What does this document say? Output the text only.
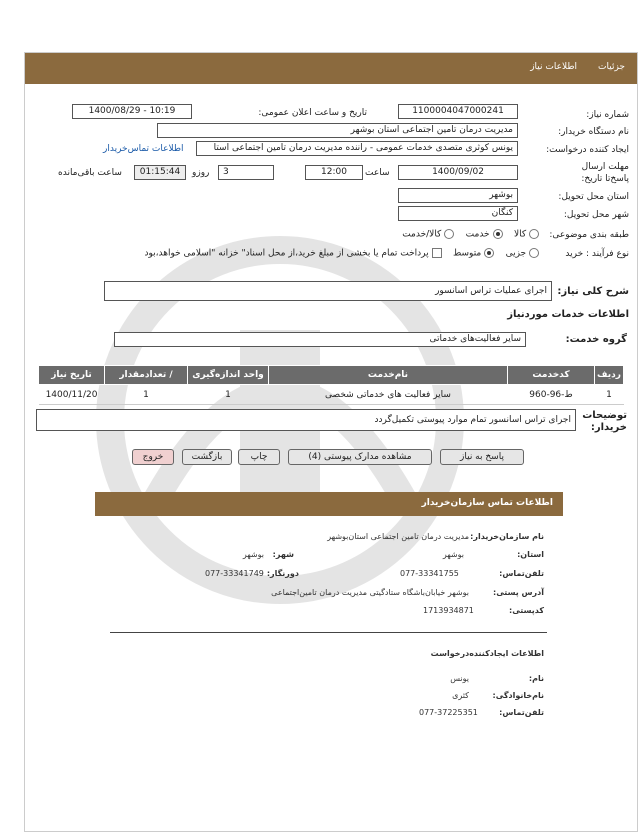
جزئیات
اطلاعات نیاز
شماره نیاز:
1100004047000241
تاریخ و ساعت اعلان عمومی:
1400/08/29 - 10:19
نام دستگاه خریدار:
مدیریت درمان تامین اجتماعی استان بوشهر
ایجاد کننده درخواست:
یونس کوثری متصدی خدمات عمومی - راننده مدیریت درمان تامین اجتماعی استا
اطلاعات تماس‌خریدار
مهلت ارسال پاسخ‌تا تاریخ:
1400/09/02
ساعت
12:00
3
روزو
01:15:44
ساعت باقی‌مانده
استان محل تحویل:
بوشهر
شهر محل تحویل:
کنگان
طبقه بندی موضوعی:
کالا     خدمت     کالا/خدمت
نوع فرآیند : خرید
جزیی     متوسط     پرداخت تمام یا بخشی از مبلغ خرید،از محل اسناد" خزانه "اسلامی خواهد،بود
شرح کلی نیاز:
اجرای عملیات تراس اسانسور
اطلاعات خدمات مورد‌نیاز
گروه خدمت:
سایر فعالیت‌های خدماتی
ردیف	کدخدمت	نام‌خدمت	واحد اندازه‌گیری	/ تعداد‌مقدار	تاریخ نیاز
1	ط-96-960	سایر فعالیت های خدماتی شخصی	1	1	1400/11/20
توضیحات خریدار:
اجرای تراس اسانسور تمام موارد پیوستی تکمیل‌گردد
پاسخ به نیاز
مشاهده مدارک پیوستی (4)
چاپ
بازگشت
خروج
اطلاعات تماس سازمان‌خریدار
نام سازمان‌خریدار:
مدیریت درمان تامین اجتماعی استان‌بوشهر
استان:
بوشهر
شهر:
بوشهر
تلفن‌تماس:
077-33341755
دورنگار:
077-33341749
آدرس پستی:
بوشهر خیابان‌باشگاه ستادگیتی مدیریت درمان تامین‌اجتماعی
کدپستی:
1713934871
اطلاعات ایجادکننده‌درخواست
نام:
یونس
نام‌خانوادگی:
کثری
تلفن‌تماس:
077-37225351
